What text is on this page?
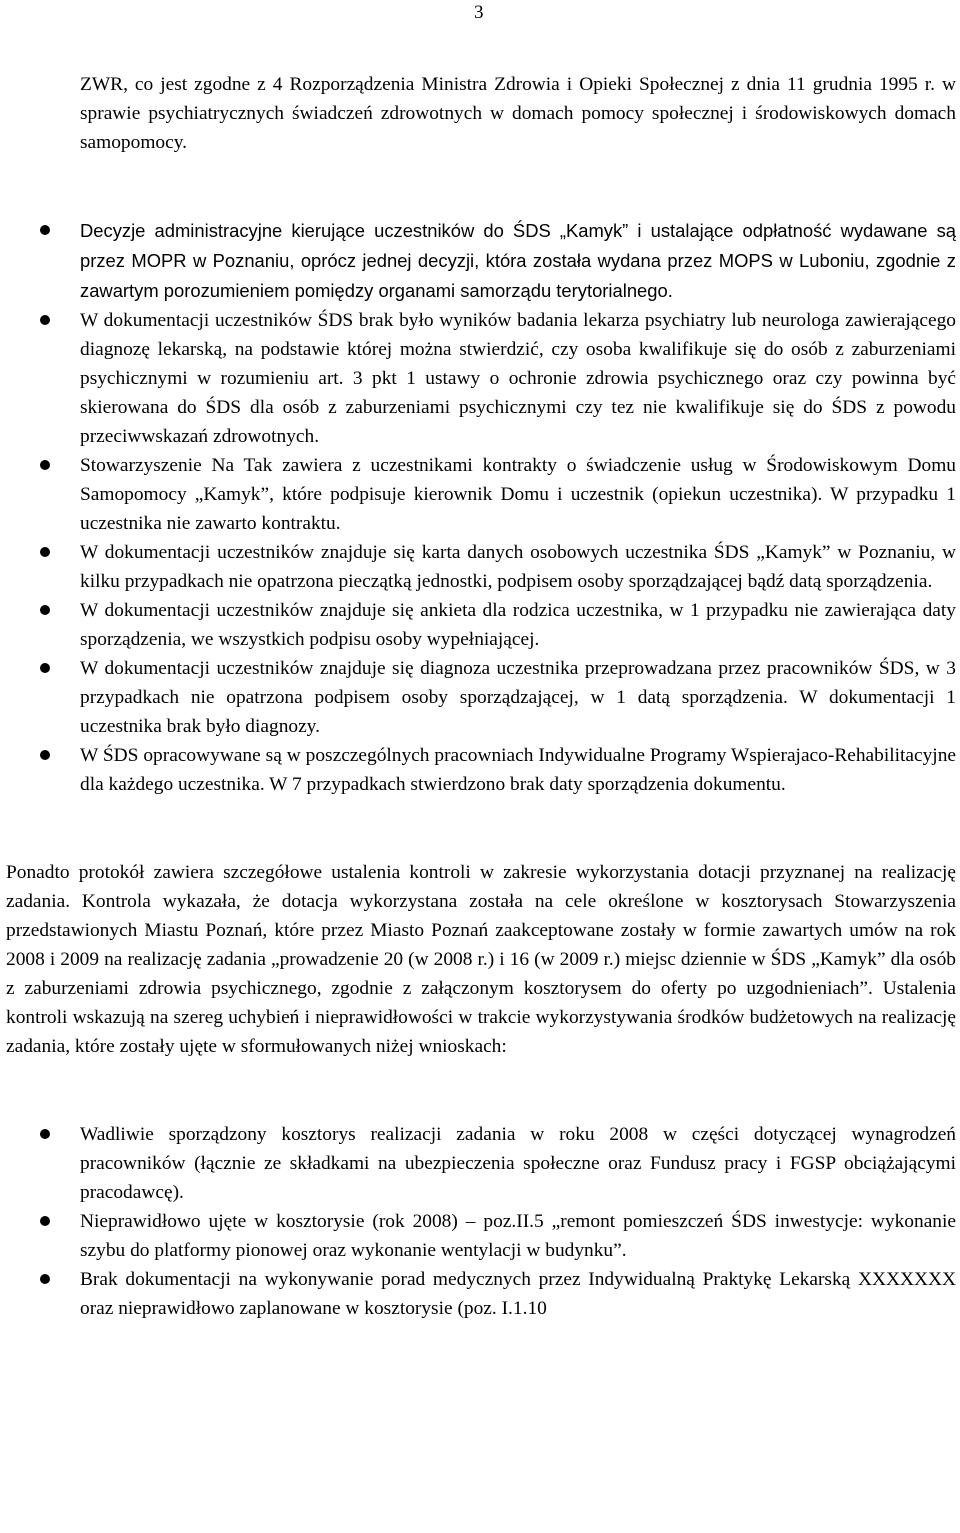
3

ZWR, co jest zgodne z 4 Rozporządzenia Ministra Zdrowia i Opieki Społecznej z dnia 11 grudnia 1995 r. w sprawie psychiatrycznych świadczeń zdrowotnych w domach pomocy społecznej i środowiskowych domach samopomocy.

Decyzje administracyjne kierujące uczestników do ŚDS „Kamyk” i ustalające odpłatność wydawane są przez MOPR w Poznaniu, oprócz jednej decyzji, która została wydana przez MOPS w Luboniu, zgodnie z zawartym porozumieniem pomiędzy organami samorządu terytorialnego.
W dokumentacji uczestników ŚDS brak było wyników badania lekarza psychiatry lub neurologa zawierającego diagnozę lekarską, na podstawie której można stwierdzić, czy osoba kwalifikuje się do osób z zaburzeniami psychicznymi w rozumieniu art. 3 pkt 1 ustawy o ochronie zdrowia psychicznego oraz czy powinna być skierowana do ŚDS dla osób z zaburzeniami psychicznymi czy tez nie kwalifikuje się do ŚDS z powodu przeciwwskazań zdrowotnych.
Stowarzyszenie Na Tak zawiera z uczestnikami kontrakty o świadczenie usług w Środowiskowym Domu Samopomocy „Kamyk”, które podpisuje kierownik Domu i uczestnik (opiekun uczestnika). W przypadku 1 uczestnika nie zawarto kontraktu.
W dokumentacji uczestników znajduje się karta danych osobowych uczestnika ŚDS „Kamyk” w Poznaniu, w kilku przypadkach nie opatrzona pieczątką jednostki, podpisem osoby sporządzającej bądź datą sporządzenia.
W dokumentacji uczestników znajduje się ankieta dla rodzica uczestnika, w 1 przypadku nie zawierająca daty sporządzenia, we wszystkich podpisu osoby wypełniającej.
W dokumentacji uczestników znajduje się diagnoza uczestnika przeprowadzana przez pracowników ŚDS, w 3 przypadkach nie opatrzona podpisem osoby sporządzającej, w 1 datą sporządzenia. W dokumentacji 1 uczestnika brak było diagnozy.
W ŚDS opracowywane są w poszczególnych pracowniach Indywidualne Programy Wspierajaco-Rehabilitacyjne dla każdego uczestnika. W 7 przypadkach stwierdzono brak daty sporządzenia dokumentu.

Ponadto protokół zawiera szczegółowe ustalenia kontroli w zakresie wykorzystania dotacji przyznanej na realizację zadania. Kontrola wykazała, że dotacja wykorzystana została na cele określone w kosztorysach Stowarzyszenia przedstawionych Miastu Poznań, które przez Miasto Poznań zaakceptowane zostały w formie zawartych umów na rok 2008 i 2009 na realizację zadania „prowadzenie 20 (w 2008 r.) i 16 (w 2009 r.) miejsc dziennie w ŚDS „Kamyk” dla osób z zaburzeniami zdrowia psychicznego, zgodnie z załączonym kosztorysem do oferty po uzgodnieniach”. Ustalenia kontroli wskazują na szereg uchybień i nieprawidłowości w trakcie wykorzystywania środków budżetowych na realizację zadania, które zostały ujęte w sformułowanych niżej wnioskach:

Wadliwie sporządzony kosztorys realizacji zadania w roku 2008 w części dotyczącej wynagrodzeń pracowników (łącznie ze składkami na ubezpieczenia społeczne oraz Fundusz pracy i FGSP obciążającymi pracodawcę).
Nieprawidłowo ujęte w kosztorysie (rok 2008) – poz.II.5 „remont pomieszczeń ŚDS inwestycje: wykonanie szybu do platformy pionowej oraz wykonanie wentylacji w budynku”.
Brak dokumentacji na wykonywanie porad medycznych przez Indywidualną Praktykę Lekarską XXXXXXX oraz nieprawidłowo zaplanowane w kosztorysie (poz. I.1.10
